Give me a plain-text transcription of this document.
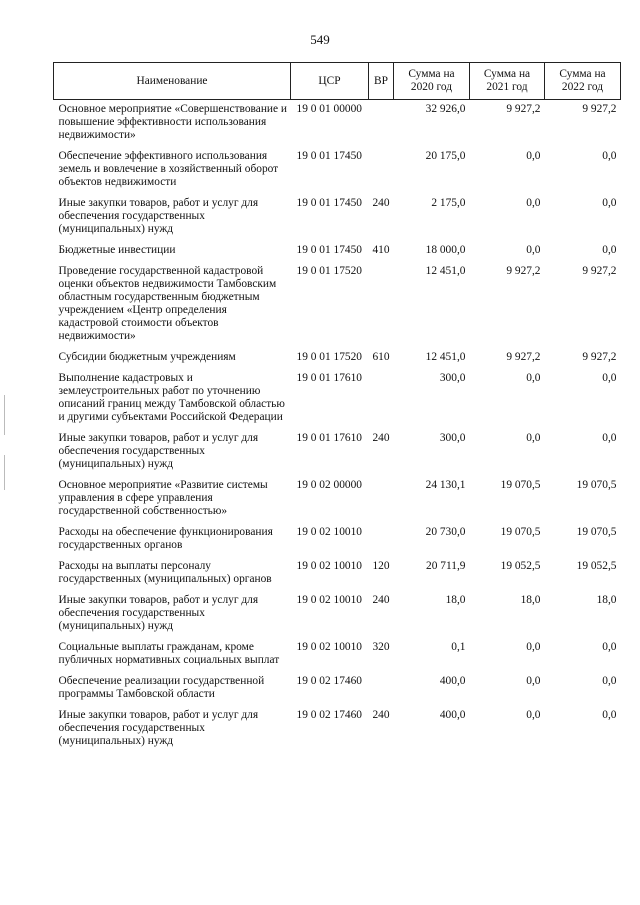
549
Наименование	ЦСР	ВР	Сумма на 2020 год	Сумма на 2021 год	Сумма на 2022 год
Основное мероприятие «Совершенствование и повышение эффективности использования недвижимости»	19 0 01 00000		32 926,0	9 927,2	9 927,2
Обеспечение эффективного использования земель и вовлечение в хозяйственный оборот объектов недвижимости	19 0 01 17450		20 175,0	0,0	0,0
Иные закупки товаров, работ и услуг для обеспечения государственных (муниципальных) нужд	19 0 01 17450	240	2 175,0	0,0	0,0
Бюджетные инвестиции	19 0 01 17450	410	18 000,0	0,0	0,0
Проведение государственной кадастровой оценки объектов недвижимости Тамбовским областным государственным бюджетным учреждением «Центр определения кадастровой стоимости объектов недвижимости»	19 0 01 17520		12 451,0	9 927,2	9 927,2
Субсидии бюджетным учреждениям	19 0 01 17520	610	12 451,0	9 927,2	9 927,2
Выполнение кадастровых и землеустроительных работ по уточнению описаний границ между Тамбовской областью и другими субъектами Российской Федерации	19 0 01 17610		300,0	0,0	0,0
Иные закупки товаров, работ и услуг для обеспечения государственных (муниципальных) нужд	19 0 01 17610	240	300,0	0,0	0,0
Основное мероприятие «Развитие системы управления в сфере управления государственной собственностью»	19 0 02 00000		24 130,1	19 070,5	19 070,5
Расходы на обеспечение функционирования государственных органов	19 0 02 10010		20 730,0	19 070,5	19 070,5
Расходы на выплаты персоналу государственных (муниципальных) органов	19 0 02 10010	120	20 711,9	19 052,5	19 052,5
Иные закупки товаров, работ и услуг для обеспечения государственных (муниципальных) нужд	19 0 02 10010	240	18,0	18,0	18,0
Социальные выплаты гражданам, кроме публичных нормативных социальных выплат	19 0 02 10010	320	0,1	0,0	0,0
Обеспечение реализации государственной программы Тамбовской области	19 0 02 17460		400,0	0,0	0,0
Иные закупки товаров, работ и услуг для обеспечения государственных (муниципальных) нужд	19 0 02 17460	240	400,0	0,0	0,0
